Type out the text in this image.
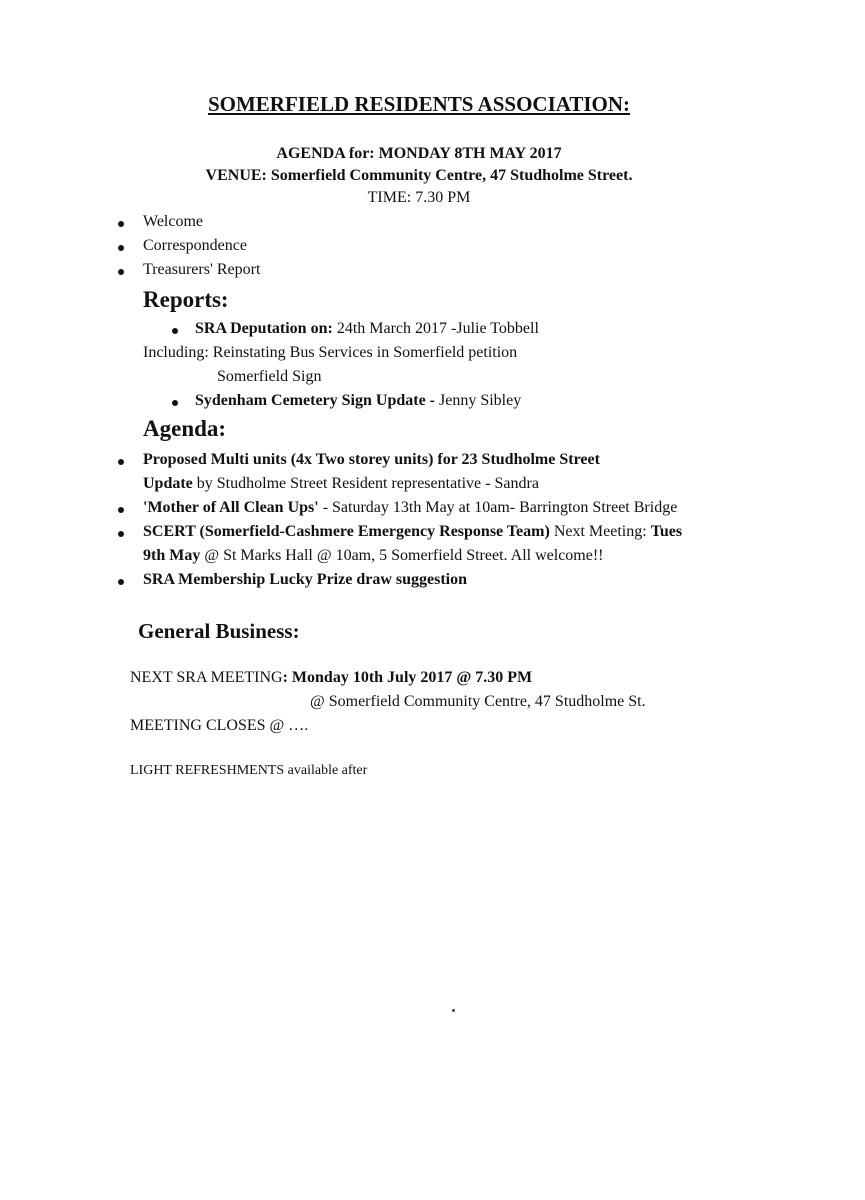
SOMERFIELD RESIDENTS ASSOCIATION:
AGENDA for: MONDAY 8TH MAY 2017
VENUE: Somerfield Community Centre, 47 Studholme Street.
TIME: 7.30 PM
Welcome
Correspondence
Treasurers' Report
Reports:
SRA Deputation on: 24th March 2017 -Julie Tobbell
Including: Reinstating Bus Services in Somerfield petition
Somerfield Sign
Sydenham Cemetery Sign Update - Jenny Sibley
Agenda:
Proposed Multi units (4x Two storey units) for 23 Studholme Street
Update by Studholme Street Resident representative - Sandra
'Mother of All Clean Ups' - Saturday 13th May at 10am- Barrington Street Bridge
SCERT (Somerfield-Cashmere Emergency Response Team) Next Meeting: Tues
9th May @ St Marks Hall @ 10am, 5 Somerfield Street. All welcome!!
SRA Membership Lucky Prize draw suggestion
General Business:
NEXT SRA MEETING: Monday 10th July 2017 @ 7.30 PM
@ Somerfield Community Centre, 47 Studholme St.
MEETING CLOSES @ ….
LIGHT REFRESHMENTS available after
